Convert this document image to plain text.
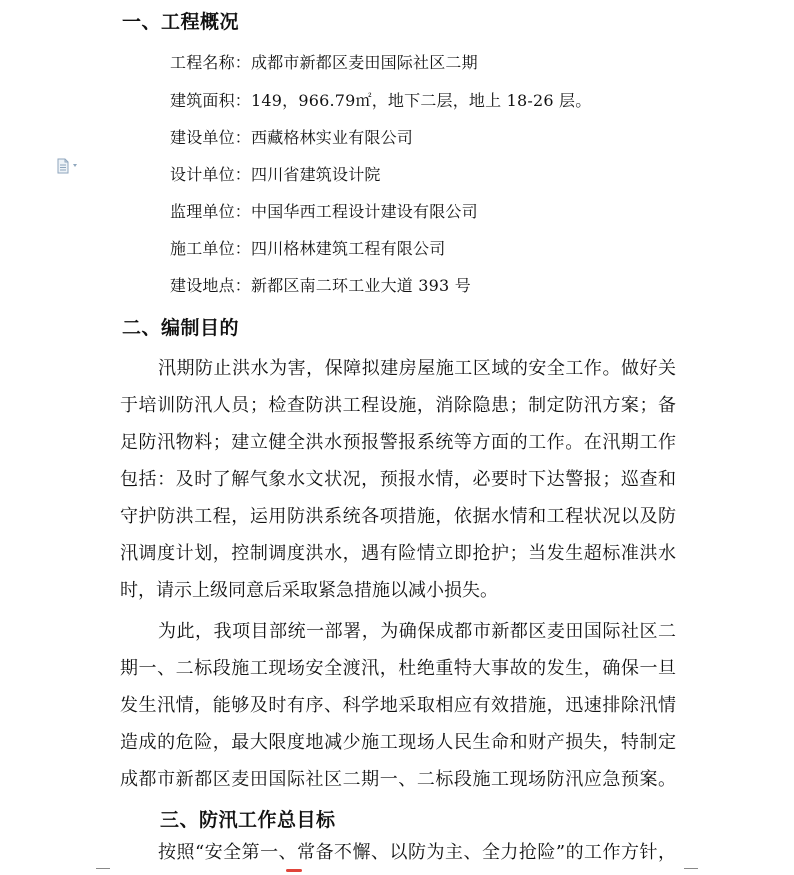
一、工程概况
工程名称：成都市新都区麦田国际社区二期
建筑面积：149，966.79㎡，地下二层，地上 18-26 层。
建设单位：西藏格林实业有限公司
设计单位：四川省建筑设计院
监理单位：中国华西工程设计建设有限公司
施工单位：四川格林建筑工程有限公司
建设地点：新都区南二环工业大道 393 号
二、编制目的
汛期防止洪水为害，保障拟建房屋施工区域的安全工作。做好关
于培训防汛人员；检查防洪工程设施，消除隐患；制定防汛方案；备
足防汛物料；建立健全洪水预报警报系统等方面的工作。在汛期工作
包括：及时了解气象水文状况，预报水情，必要时下达警报；巡查和
守护防洪工程，运用防洪系统各项措施，依据水情和工程状况以及防
汛调度计划，控制调度洪水，遇有险情立即抢护；当发生超标准洪水
时，请示上级同意后采取紧急措施以减小损失。
为此，我项目部统一部署，为确保成都市新都区麦田国际社区二
期一、二标段施工现场安全渡汛，杜绝重特大事故的发生，确保一旦
发生汛情，能够及时有序、科学地采取相应有效措施，迅速排除汛情
造成的危险，最大限度地减少施工现场人民生命和财产损失，特制定
成都市新都区麦田国际社区二期一、二标段施工现场防汛应急预案。
三、防汛工作总目标
按照“安全第一、常备不懈、以防为主、全力抢险”的工作方针，
